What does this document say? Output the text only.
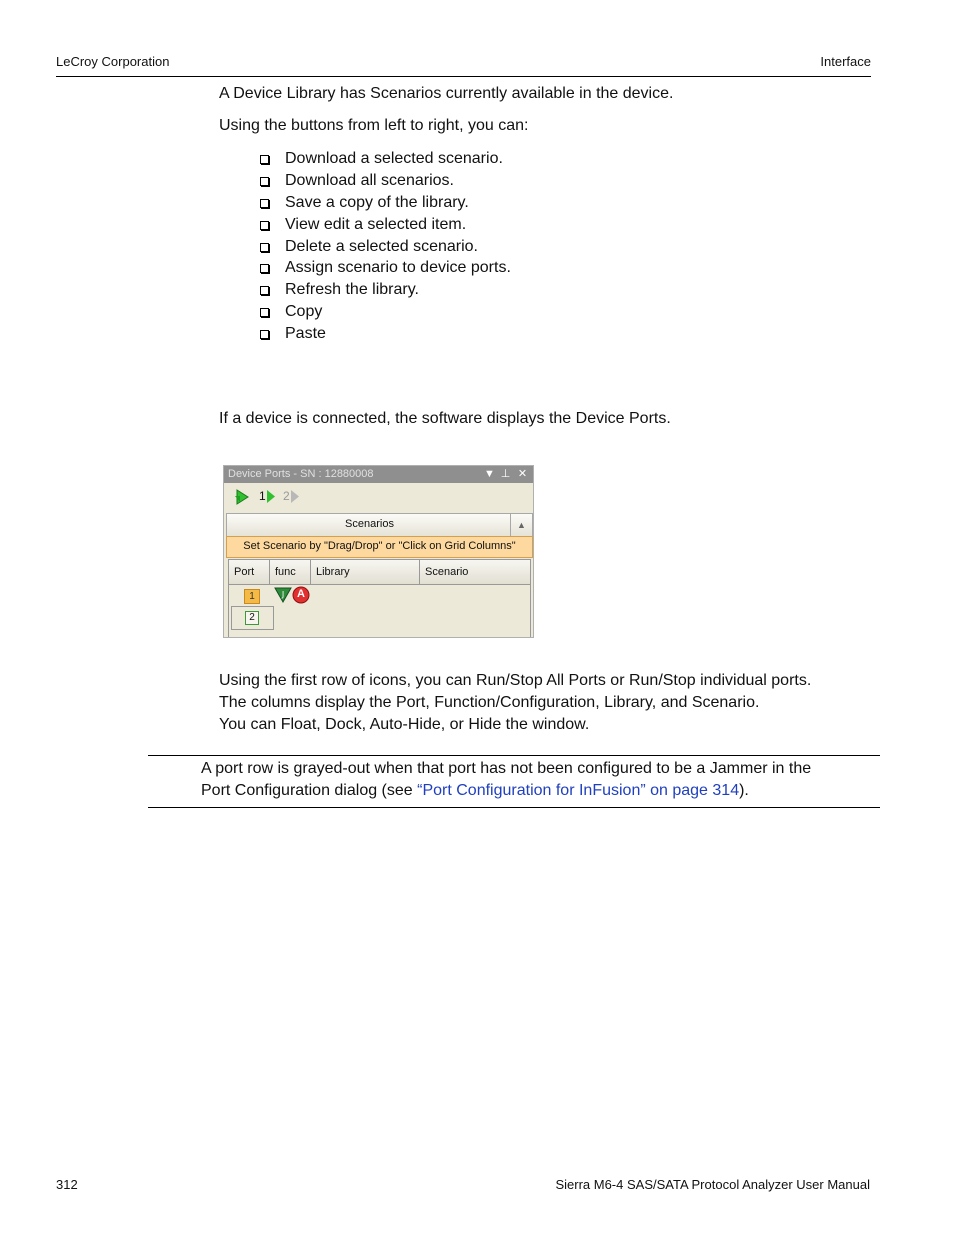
LeCroy Corporation	Interface

A Device Library has Scenarios currently available in the device.

Using the buttons from left to right, you can:

Download a selected scenario.
Download all scenarios.
Save a copy of the library.
View edit a selected item.
Delete a selected scenario.
Assign scenario to device ports.
Refresh the library.
Copy
Paste

If a device is connected, the software displays the Device Ports.

Device Ports - SN : 12880008	▼ ⊥ ✕
1 2
Scenarios	▲
Set Scenario by "Drag/Drop" or "Click on Grid Columns"
Port	func	Library	Scenario
1	J A
2

Using the first row of icons, you can Run/Stop All Ports or Run/Stop individual ports.

The columns display the Port, Function/Configuration, Library, and Scenario.

You can Float, Dock, Auto-Hide, or Hide the window.

A port row is grayed-out when that port has not been configured to be a Jammer in the

Port Configuration dialog (see “Port Configuration for InFusion” on page 314).

312	Sierra M6-4 SAS/SATA Protocol Analyzer User Manual
